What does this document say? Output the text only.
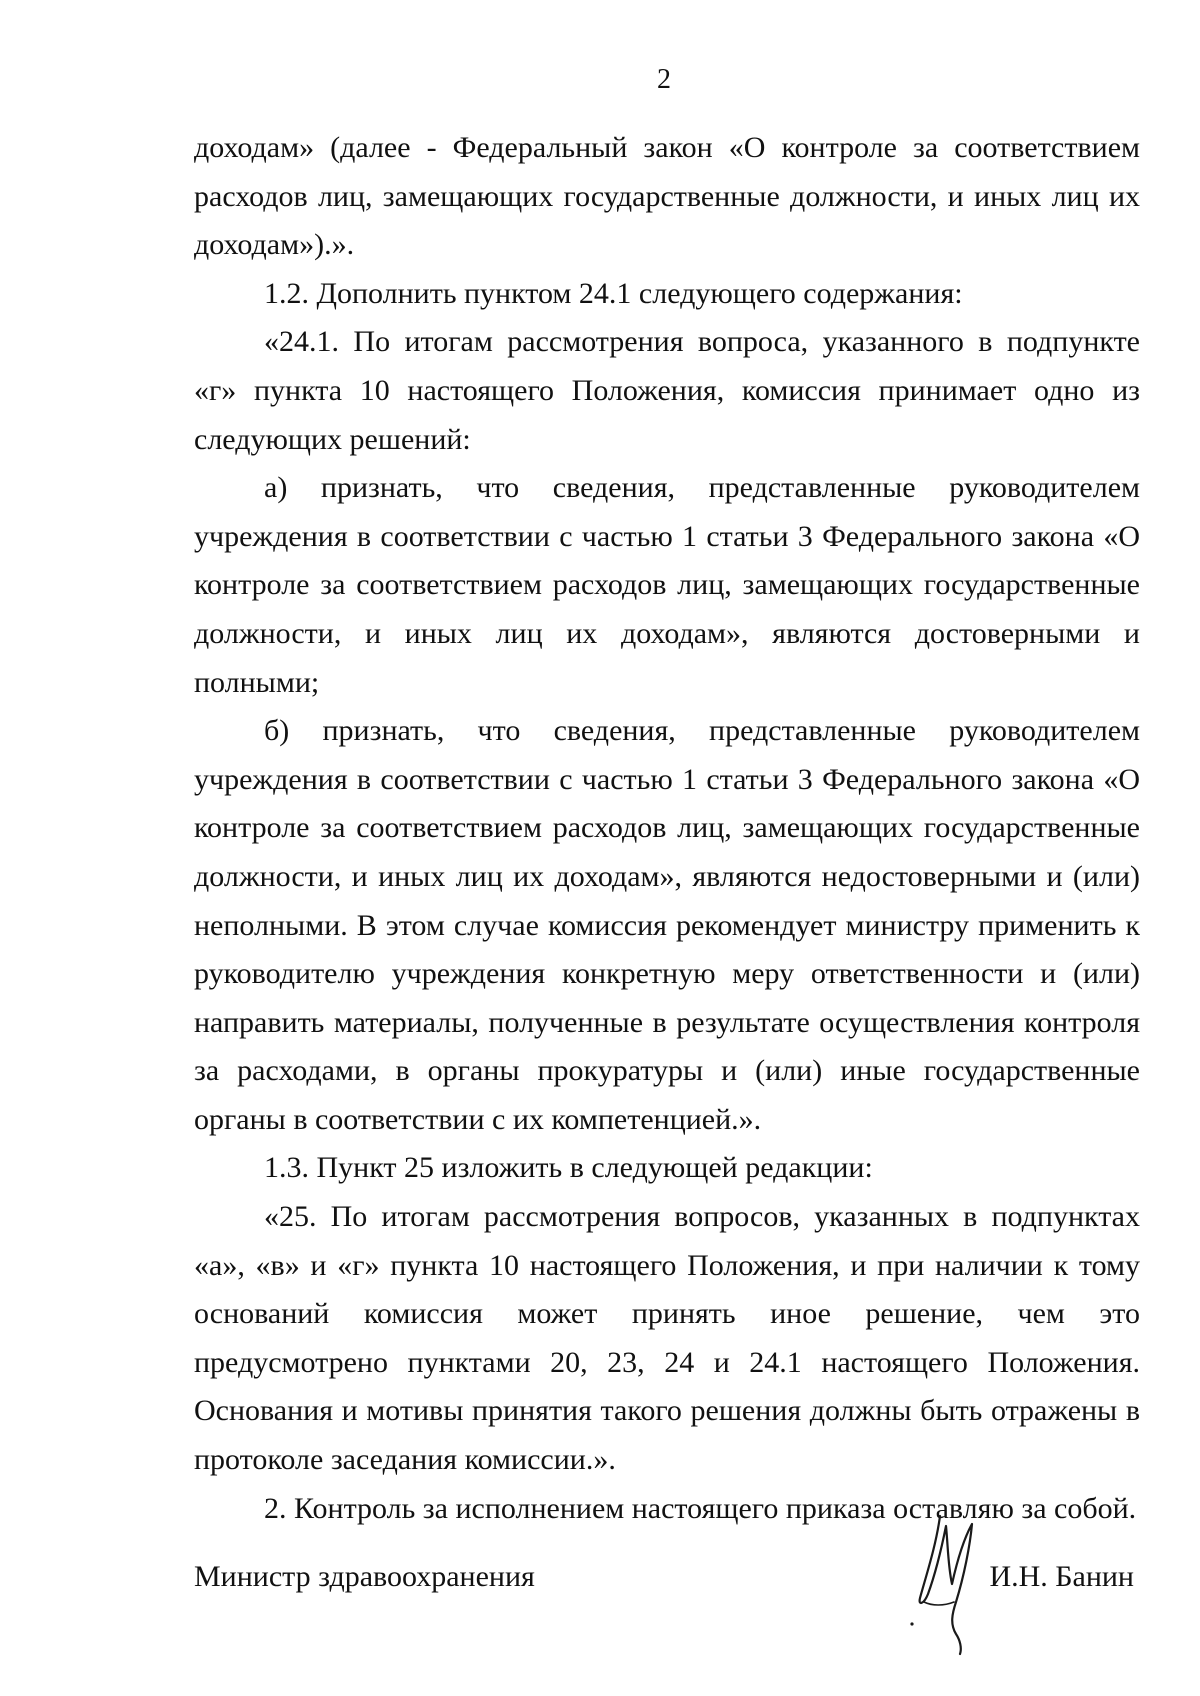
2

доходам» (далее - Федеральный закон «О контроле за соответствием расходов лиц, замещающих государственные должности, и иных лиц их доходам»).».

1.2. Дополнить пунктом 24.1 следующего содержания:

«24.1. По итогам рассмотрения вопроса, указанного в подпункте «г» пункта 10 настоящего Положения, комиссия принимает одно из следующих решений:

а) признать, что сведения, представленные руководителем учреждения в соответствии с частью 1 статьи 3 Федерального закона «О контроле за соответствием расходов лиц, замещающих государственные должности, и иных лиц их доходам», являются достоверными и полными;

б) признать, что сведения, представленные руководителем учреждения в соответствии с частью 1 статьи 3 Федерального закона «О контроле за соответствием расходов лиц, замещающих государственные должности, и иных лиц их доходам», являются недостоверными и (или) неполными. В этом случае комиссия рекомендует министру применить к руководителю учреждения конкретную меру ответственности и (или) направить материалы, полученные в результате осуществления контроля за расходами, в органы прокуратуры и (или) иные государственные органы в соответствии с их компетенцией.».

1.3. Пункт 25 изложить в следующей редакции:

«25. По итогам рассмотрения вопросов, указанных в подпунктах «а», «в» и «г» пункта 10 настоящего Положения, и при наличии к тому оснований комиссия может принять иное решение, чем это предусмотрено пунктами 20, 23, 24 и 24.1 настоящего Положения. Основания и мотивы принятия такого решения должны быть отражены в протоколе заседания комиссии.».

2. Контроль за исполнением настоящего приказа оставляю за собой.

Министр здравоохранения	И.Н. Банин
